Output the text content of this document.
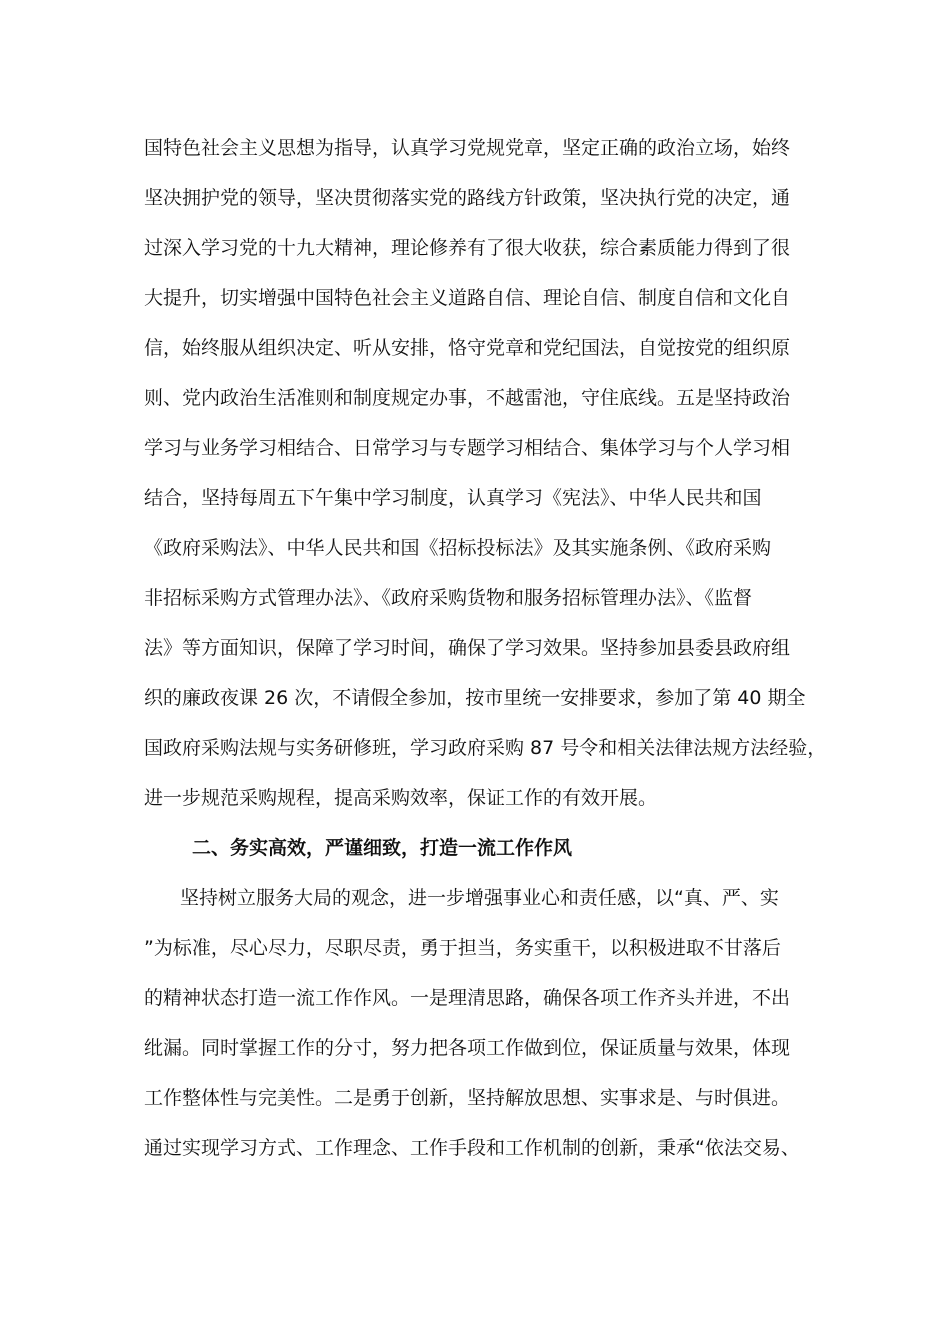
国特色社会主义思想为指导，认真学习党规党章，坚定正确的政治立场，始终
坚决拥护党的领导，坚决贯彻落实党的路线方针政策，坚决执行党的决定，通
过深入学习党的十九大精神，理论修养有了很大收获，综合素质能力得到了很
大提升，切实增强中国特色社会主义道路自信、理论自信、制度自信和文化自
信，始终服从组织决定、听从安排，恪守党章和党纪国法，自觉按党的组织原
则、党内政治生活准则和制度规定办事，不越雷池，守住底线。五是坚持政治
学习与业务学习相结合、日常学习与专题学习相结合、集体学习与个人学习相
结合，坚持每周五下午集中学习制度，认真学习《宪法》、中华人民共和国
《政府采购法》、中华人民共和国《招标投标法》及其实施条例、《政府采购
非招标采购方式管理办法》、《政府采购货物和服务招标管理办法》、《监督
法》等方面知识，保障了学习时间，确保了学习效果。坚持参加县委县政府组
织的廉政夜课 26 次，不请假全参加，按市里统一安排要求，参加了第 40 期全
国政府采购法规与实务研修班，学习政府采购 87 号令和相关法律法规方法经验，
进一步规范采购规程，提高采购效率，保证工作的有效开展。
二、务实高效，严谨细致，打造一流工作作风
坚持树立服务大局的观念，进一步增强事业心和责任感，以“真、严、实
”为标准，尽心尽力，尽职尽责，勇于担当，务实重干，以积极进取不甘落后
的精神状态打造一流工作作风。一是理清思路，确保各项工作齐头并进，不出
纰漏。同时掌握工作的分寸，努力把各项工作做到位，保证质量与效果，体现
工作整体性与完美性。二是勇于创新，坚持解放思想、实事求是、与时俱进。
通过实现学习方式、工作理念、工作手段和工作机制的创新，秉承“依法交易、
